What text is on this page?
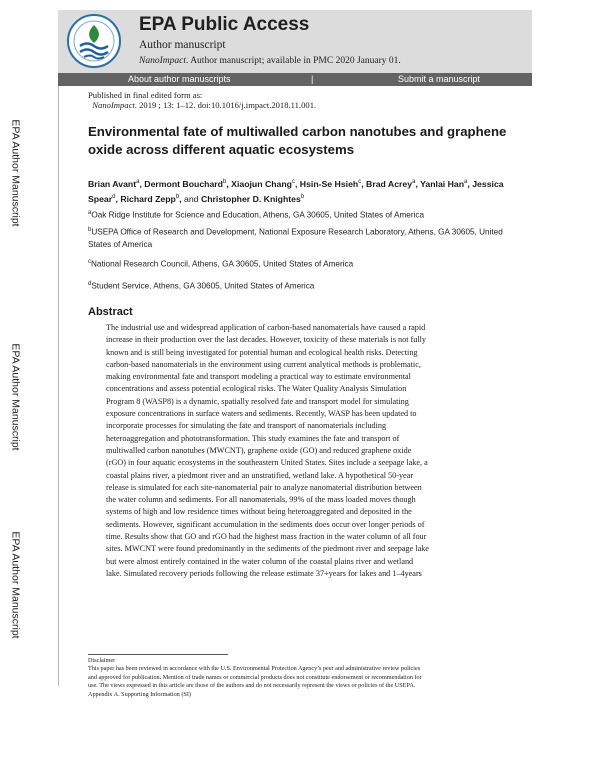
EPA Public Access
Author manuscript
NanoImpact. Author manuscript; available in PMC 2020 January 01.
About author manuscripts	|	Submit a manuscript
Published in final edited form as:
NanoImpact. 2019 ; 13: 1–12. doi:10.1016/j.impact.2018.11.001.
EPA Author Manuscript
EPA Author Manuscript
EPA Author Manuscript
Environmental fate of multiwalled carbon nanotubes and graphene oxide across different aquatic ecosystems
Brian Avant$^a$, Dermont Bouchard$^b$, Xiaojun Chang$^c$, Hsin-Se Hsieh$^c$, Brad Acrey$^a$, Yanlai Han$^a$, Jessica Spear$^d$, Richard Zepp$^b$, and Christopher D. Knightes$^b$
$^a$Oak Ridge Institute for Science and Education, Athens, GA 30605, United States of America
$^b$USEPA Office of Research and Development, National Exposure Research Laboratory, Athens, GA 30605, United States of America
$^c$National Research Council, Athens, GA 30605, United States of America
$^d$Student Service, Athens, GA 30605, United States of America
Abstract
The industrial use and widespread application of carbon-based nanomaterials have caused a rapid
increase in their production over the last decades. However, toxicity of these materials is not fully
known and is still being investigated for potential human and ecological health risks. Detecting
carbon-based nanomaterials in the environment using current analytical methods is problematic,
making environmental fate and transport modeling a practical way to estimate environmental
concentrations and assess potential ecological risks. The Water Quality Analysis Simulation
Program 8 (WASP8) is a dynamic, spatially resolved fate and transport model for simulating
exposure concentrations in surface waters and sediments. Recently, WASP has been updated to
incorporate processes for simulating the fate and transport of nanomaterials including
heteroaggregation and phototransformation. This study examines the fate and transport of
multiwalled carbon nanotubes (MWCNT), graphene oxide (GO) and reduced graphene oxide
(rGO) in four aquatic ecosystems in the southeastern United States. Sites include a seepage lake, a
coastal plains river, a piedmont river and an unstratified, wetland lake. A hypothetical 50-year
release is simulated for each site-nanomaterial pair to analyze nanomaterial distribution between
the water column and sediments. For all nanomaterials, 99% of the mass loaded moves though
systems of high and low residence times without being heteroaggregated and deposited in the
sediments. However, significant accumulation in the sediments does occur over longer periods of
time. Results show that GO and rGO had the highest mass fraction in the water column of all four
sites. MWCNT were found predominantly in the sediments of the piedmont river and seepage lake
but were almost entirely contained in the water column of the coastal plains river and wetland
lake. Simulated recovery periods following the release estimate 37+years for lakes and 1–4years
Disclaimer
This paper has been reviewed in accordance with the U.S. Environmental Protection Agency’s peer and administrative review policies
and approved for publication. Mention of trade names or commercial products does not constitute endorsement or recommendation for
use. The views expressed in this article are those of the authors and do not necessarily represent the views or policies of the USEPA.
Appendix A. Supporting Information (SI)
